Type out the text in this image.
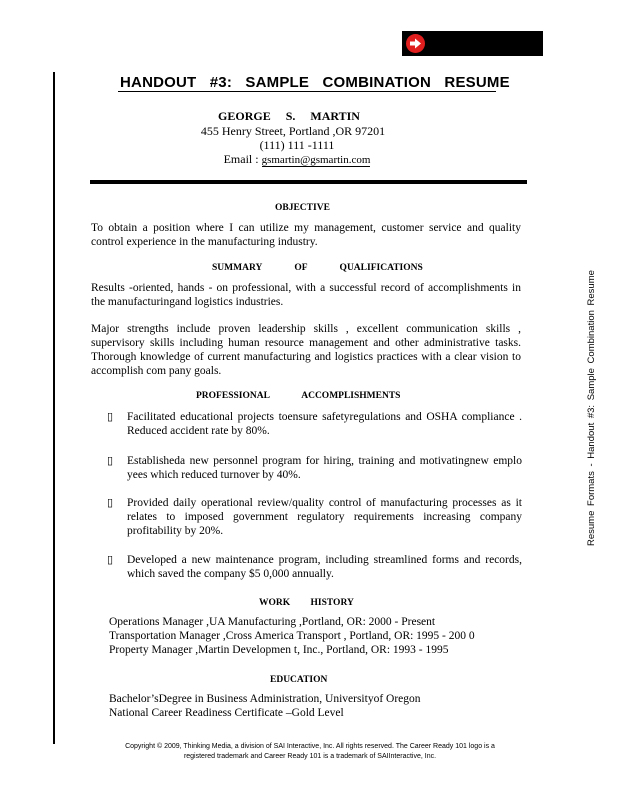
HANDOUT #3: SAMPLE COMBINATION RESUME
GEORGE S. MARTIN
455 Henry Street, Portland ,OR 97201
(111) 111 -1111
Email : gsmartin@gsmartin.com
OBJECTIVE
To obtain a position where I can utilize my management, customer service and quality control experience in the manufacturing industry.
SUMMARY OF QUALIFICATIONS
Results -oriented, hands - on professional, with a successful record of accomplishments in the manufacturingand logistics industries.
Major strengths include proven leadership skills , excellent communication skills , supervisory skills including human resource management and other administrative tasks. Thorough knowledge of current manufacturing and logistics practices with a clear vision to accomplish com pany goals.
PROFESSIONAL ACCOMPLISHMENTS
▯ Facilitated educational projects toensure safetyregulations and OSHA compliance . Reduced accident rate by 80%.
▯ Establisheda new personnel program for hiring, training and motivatingnew emplo yees which reduced turnover by 40%.
▯ Provided daily operational review/quality control of manufacturing processes as it relates to imposed government regulatory requirements increasing company profitability by 20%.
▯ Developed a new maintenance program, including streamlined forms and records, which saved the company $5 0,000 annually.
WORK HISTORY
Operations Manager ,UA Manufacturing ,Portland, OR: 2000 - Present
Transportation Manager ,Cross America Transport , Portland, OR: 1995 - 200 0
Property Manager ,Martin Developmen t, Inc., Portland, OR: 1993 - 1995
EDUCATION
Bachelor’sDegree in Business Administration, Universityof Oregon
National Career Readiness Certificate –Gold Level
Resume Formats - Handout #3: Sample Combination Resume
Copyright © 2009, Thinking Media, a division of SAI Interactive, Inc. All rights reserved. The Career Ready 101 logo is a
registered trademark and Career Ready 101 is a trademark of SAIInteractive, Inc.
